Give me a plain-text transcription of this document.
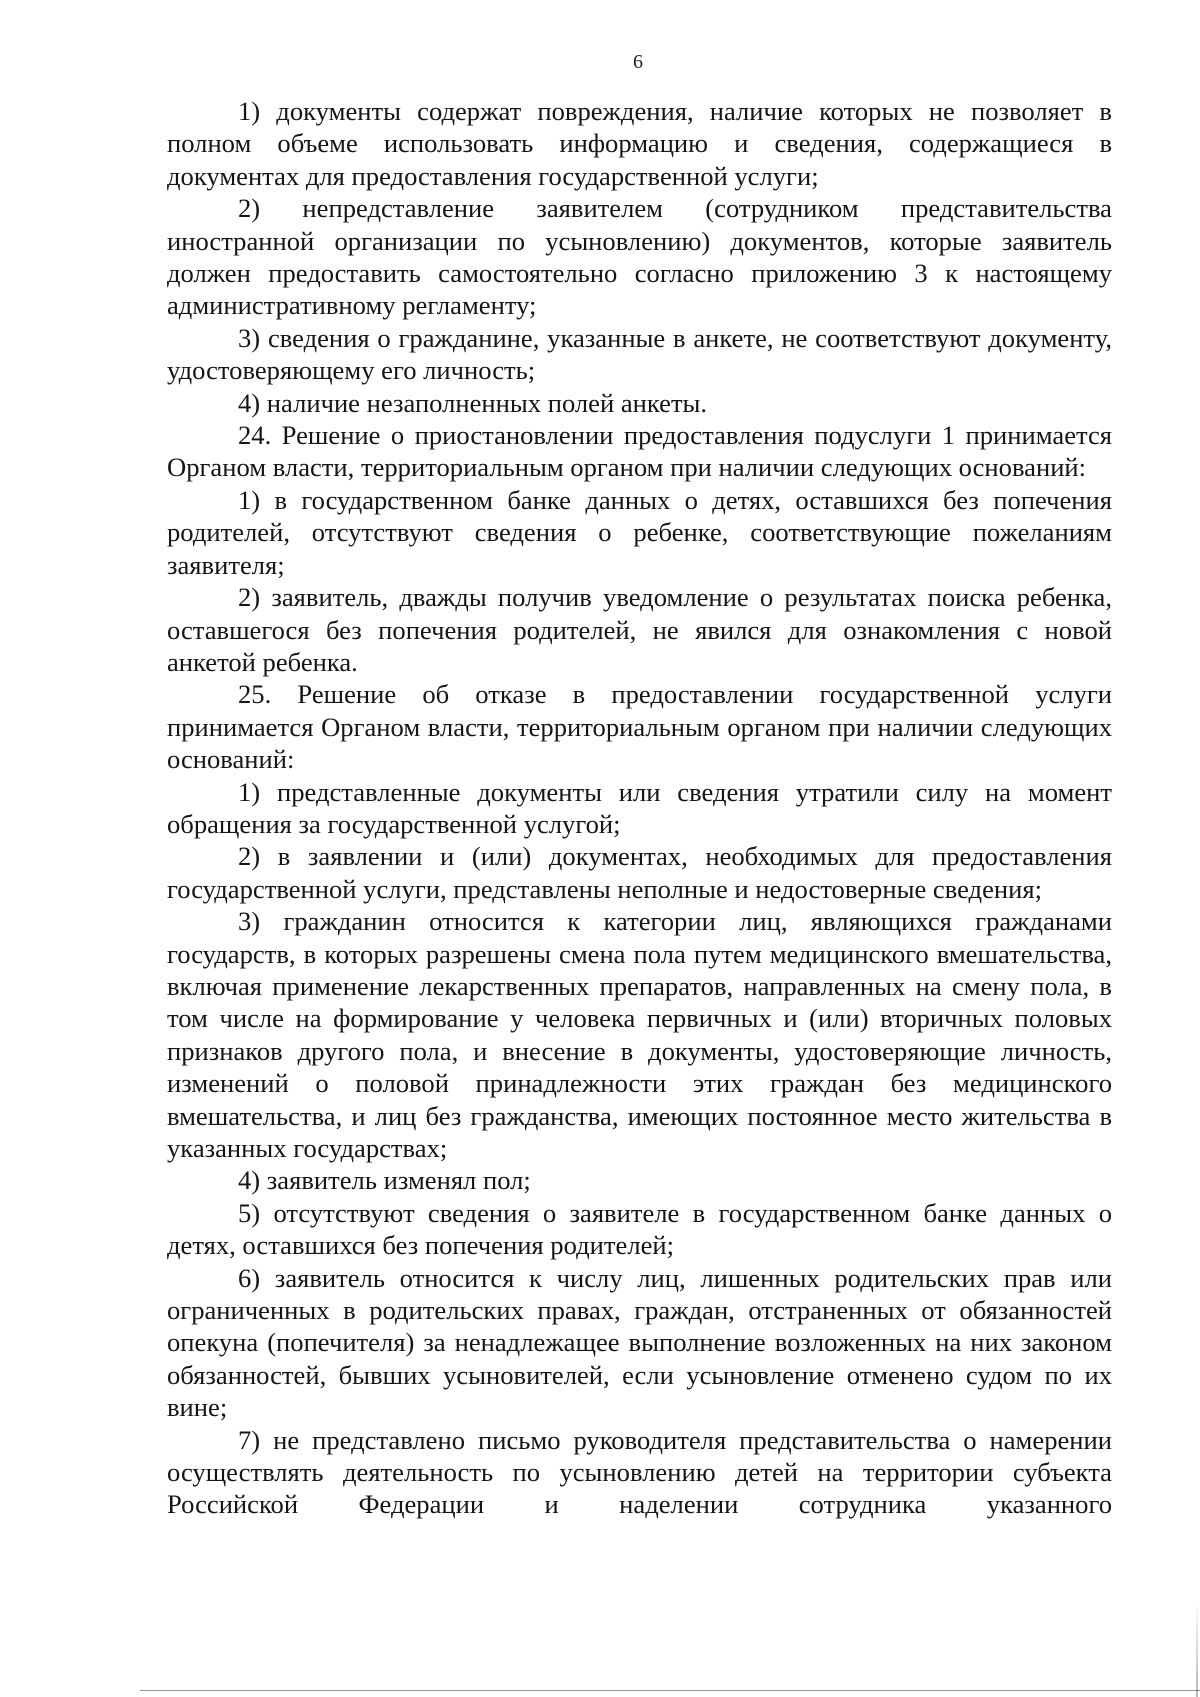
6

1) документы содержат повреждения, наличие которых не позволяет в полном объеме использовать информацию и сведения, содержащиеся в документах для предоставления государственной услуги;

2) непредставление заявителем (сотрудником представительства иностранной организации по усыновлению) документов, которые заявитель должен предоставить самостоятельно согласно приложению 3 к настоящему административному регламенту;

3) сведения о гражданине, указанные в анкете, не соответствуют документу, удостоверяющему его личность;

4) наличие незаполненных полей анкеты.

24. Решение о приостановлении предоставления подуслуги 1 принимается Органом власти, территориальным органом при наличии следующих оснований:

1) в государственном банке данных о детях, оставшихся без попечения родителей, отсутствуют сведения о ребенке, соответствующие пожеланиям заявителя;

2) заявитель, дважды получив уведомление о результатах поиска ребенка, оставшегося без попечения родителей, не явился для ознакомления с новой анкетой ребенка.

25. Решение об отказе в предоставлении государственной услуги принимается Органом власти, территориальным органом при наличии следующих оснований:

1) представленные документы или сведения утратили силу на момент обращения за государственной услугой;

2) в заявлении и (или) документах, необходимых для предоставления государственной услуги, представлены неполные и недостоверные сведения;

3) гражданин относится к категории лиц, являющихся гражданами государств, в которых разрешены смена пола путем медицинского вмешательства, включая применение лекарственных препаратов, направленных на смену пола, в том числе на формирование у человека первичных и (или) вторичных половых признаков другого пола, и внесение в документы, удостоверяющие личность, изменений о половой принадлежности этих граждан без медицинского вмешательства, и лиц без гражданства, имеющих постоянное место жительства в указанных государствах;

4) заявитель изменял пол;

5) отсутствуют сведения о заявителе в государственном банке данных о детях, оставшихся без попечения родителей;

6) заявитель относится к числу лиц, лишенных родительских прав или ограниченных в родительских правах, граждан, отстраненных от обязанностей опекуна (попечителя) за ненадлежащее выполнение возложенных на них законом обязанностей, бывших усыновителей, если усыновление отменено судом по их вине;

7) не представлено письмо руководителя представительства о намерении осуществлять деятельность по усыновлению детей на территории субъекта Российской Федерации и наделении сотрудника указанного
